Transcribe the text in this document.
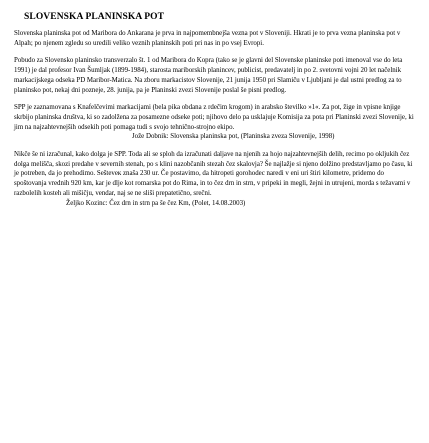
SLOVENSKA PLANINSKA POT

Slovenska planinska pot od Maribora do Ankarana je prva in najpomembnejša vezna pot v Sloveniji. Hkrati je to prva vezna planinska pot v Alpah; po njenem zgledu so uredili veliko veznih planinskih poti pri nas in po vsej Evropi.

Pobudo za Slovensko planinsko transverzalo št. 1 od Maribora do Kopra (tako se je glavni del Slovenske planinske poti imenoval vse do leta 1991) je dal profesor Ivan Šumljak (1899-1984), starosta mariborskih planincev, publicist, predavatelj in po 2. svetovni vojni 20 let načelnik markacijskega odseka PD Maribor-Matica. Na zboru markacistov Slovenije, 21 junija 1950 pri Slamiču v Ljubljani je dal ustni predlog za to planinsko pot, nekaj dni pozneje, 28. junija, pa je Planinski zvezi Slovenije poslal še pisni predlog.

SPP je zaznamovana s Knafelčevimi markacijami (bela pika obdana z rdečim krogom) in arabsko številko »1«. Za pot, žige in vpisne knjige skrbijo planinska društva, ki so zadolžena za posamezne odseke poti; njihovo delo pa usklajuje Komisija za pota pri Planinski zvezi Slovenije, ki jim na najzahtevnejših odsekih poti pomaga tudi s svojo tehnično-strojno ekipo.

Jože Dobnik: Slovenska planinska pot, (Planinska zveza Slovenije, 1998)

Nikče še ni izračunal, kako dolga je SPP. Toda ali se sploh da izračunati daljave na njenih za hojo najzahtevnejših delih, recimo po okljukih čez dolga melišča, skozi predahe v severnih stenah, po s klini nazobčanih stezah čez skalovja? Še najlažje si njeno dolžino predstavljamo po času, ki je potreben, da jo prehodimo. Sešteveк znaša 230 ur. Če postavimo, da hitropeti gorohodec naredi v eni uri štiri kilometre, pridemo do spoštovanja vrednih 920 km, kar je dlje kot romarska pot do Rima, in to čez drn in strn, v pripeki in megli, žejni in utrujeni, morda s težavami v razbolelih kosteh ali mišičju, vendar, naj se ne sliši prepatetično, srečni.

Željko Kozinc: Čez drn in strn pa še čez Km, (Polet, 14.08.2003)
